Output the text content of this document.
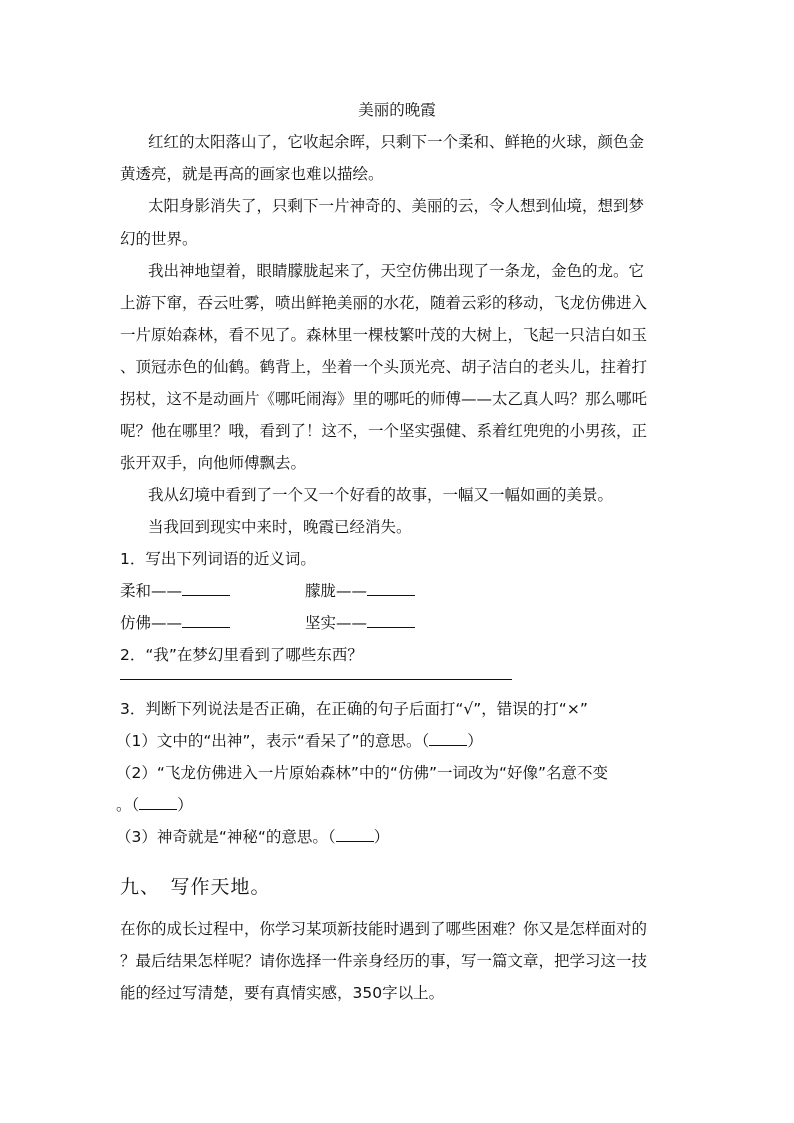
美丽的晚霞
红红的太阳落山了，它收起余晖，只剩下一个柔和、鲜艳的火球，颜色金
黄透亮，就是再高的画家也难以描绘。
太阳身影消失了，只剩下一片神奇的、美丽的云，令人想到仙境，想到梦
幻的世界。
我出神地望着，眼睛朦胧起来了，天空仿佛出现了一条龙，金色的龙。它
上游下窜，吞云吐雾，喷出鲜艳美丽的水花，随着云彩的移动，飞龙仿佛进入
一片原始森林，看不见了。森林里一棵枝繁叶茂的大树上，飞起一只洁白如玉
、顶冠赤色的仙鹤。鹤背上，坐着一个头顶光亮、胡子洁白的老头儿，拄着打
拐杖，这不是动画片《哪吒闹海》里的哪吒的师傅——太乙真人吗？那么哪吒
呢？他在哪里？哦，看到了！这不，一个坚实强健、系着红兜兜的小男孩，正
张开双手，向他师傅飘去。
我从幻境中看到了一个又一个好看的故事，一幅又一幅如画的美景。
当我回到现实中来时，晚霞已经消失。
1．写出下列词语的近义词。
柔和——	朦胧——
仿佛——	坚实——
2．“我”在梦幻里看到了哪些东西？
3．判断下列说法是否正确，在正确的句子后面打“√”，错误的打“×”
（1）文中的“出神”，表示“看呆了”的意思。（ ）
（2）“飞龙仿佛进入一片原始森林”中的“仿佛”一词改为“好像”名意不变
。（ ）
（3）神奇就是“神秘“的意思。（ ）
九、　写作天地。
在你的成长过程中，你学习某项新技能时遇到了哪些困难？你又是怎样面对的
？最后结果怎样呢？请你选择一件亲身经历的事，写一篇文章，把学习这一技
能的经过写清楚，要有真情实感，350字以上。
